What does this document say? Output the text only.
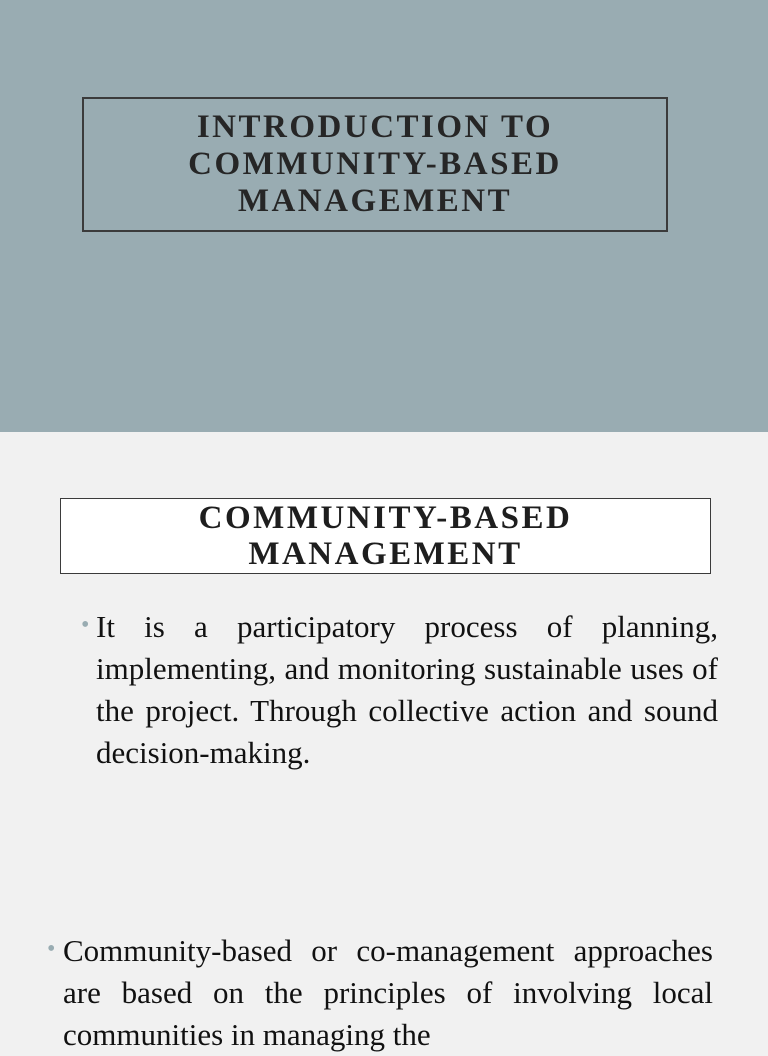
INTRODUCTION TO
COMMUNITY-BASED
MANAGEMENT
COMMUNITY-BASED
MANAGEMENT
• It is a participatory process of planning, implementing, and monitoring sustainable uses of the project. Through collective action and sound decision-making.
• Community-based or co-management approaches are based on the principles of involving local communities in managing the
